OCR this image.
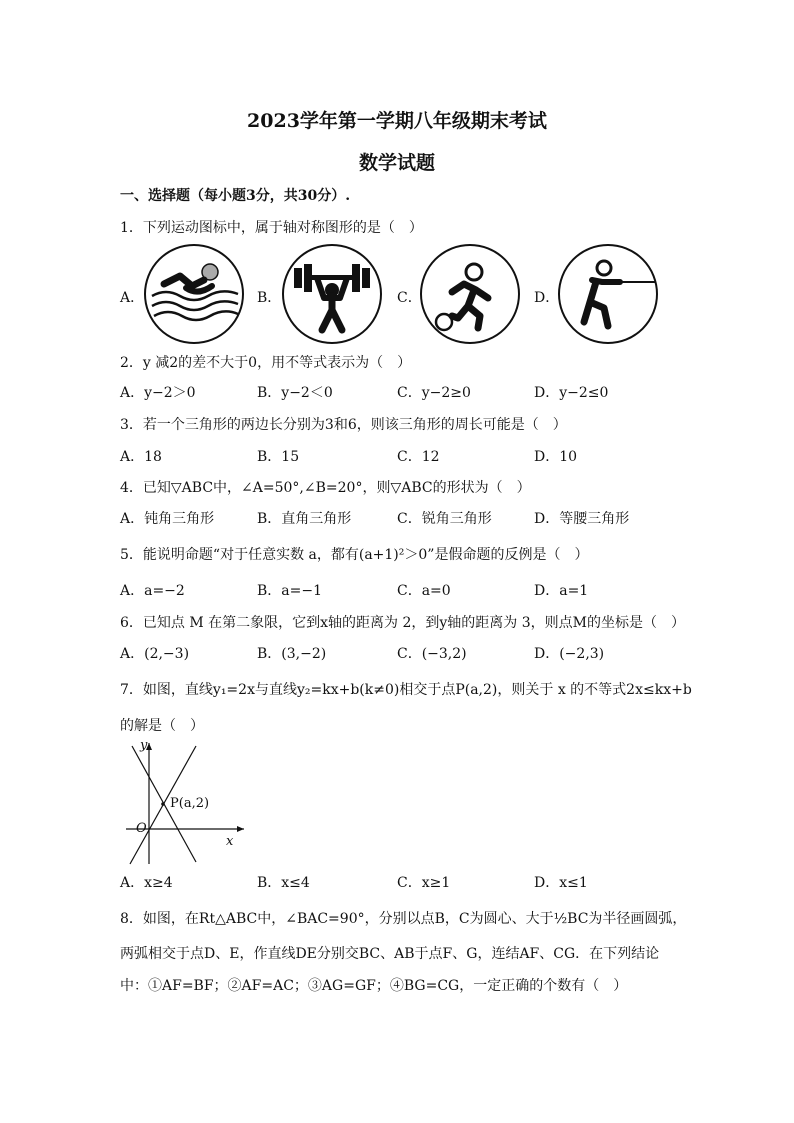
2023学年第一学期八年级期末考试
数学试题
一、选择题（每小题3分，共30分）.
1．下列运动图标中，属于轴对称图形的是（　）
A．	B．	C．	D．
2．y 减2的差不大于0，用不等式表示为（　）
A．y−2＞0	B．y−2＜0	C．y−2≥0	D．y−2≤0
3．若一个三角形的两边长分别为3和6，则该三角形的周长可能是（　）
A．18	B．15	C．12	D．10
4．已知▽ABC中，∠A=50°,∠B=20°，则▽ABC的形状为（　）
A．钝角三角形	B．直角三角形	C．锐角三角形	D．等腰三角形
5．能说明命题“对于任意实数 a，都有(a+1)²＞0”是假命题的反例是（　）
A．a=−2	B．a=−1	C．a=0	D．a=1
6．已知点 M 在第二象限，它到x轴的距离为 2，到y轴的距离为 3，则点M的坐标是（　）
A．(2,−3)	B．(3,−2)	C．(−3,2)	D．(−2,3)
7．如图，直线y₁=2x与直线y₂=kx+b(k≠0)相交于点P(a,2)，则关于 x 的不等式2x≤kx+b
的解是（　）
y
x
O
P(a,2)
A．x≥4	B．x≤4	C．x≥1	D．x≤1
8．如图，在Rt△ABC中，∠BAC=90°，分别以点B，C为圆心、大于½BC为半径画圆弧，
两弧相交于点D、E，作直线DE分别交BC、AB于点F、G，连结AF、CG．在下列结论
中：①AF=BF；②AF=AC；③AG=GF；④BG=CG，一定正确的个数有（　）
